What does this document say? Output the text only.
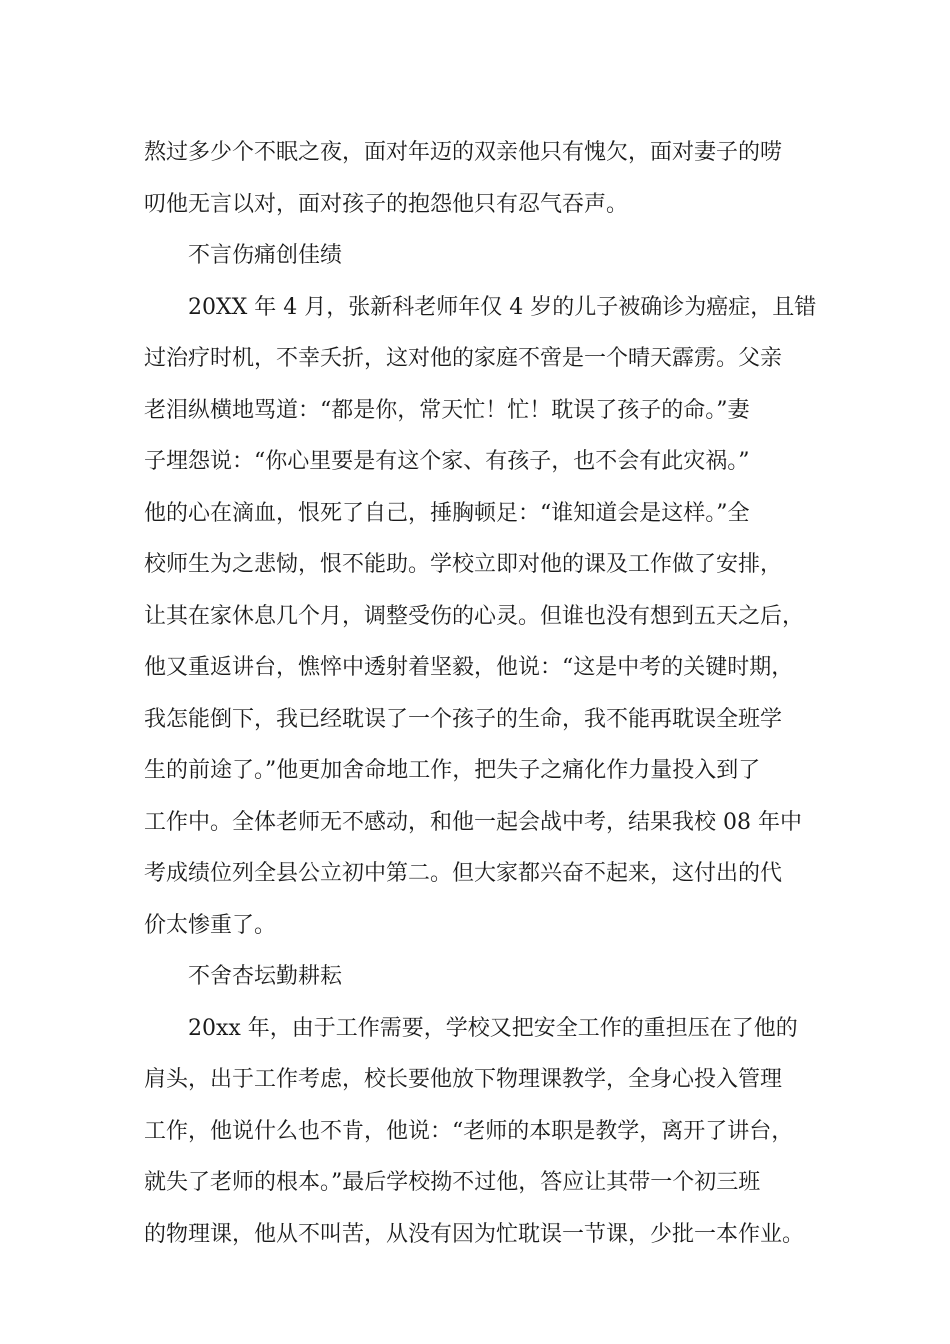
熬过多少个不眠之夜，面对年迈的双亲他只有愧欠，面对妻子的唠
叨他无言以对，面对孩子的抱怨他只有忍气吞声。
不言伤痛创佳绩
20XX 年 4 月，张新科老师年仅 4 岁的儿子被确诊为癌症，且错
过治疗时机，不幸夭折，这对他的家庭不啻是一个晴天霹雳。父亲
老泪纵横地骂道：“都是你，常天忙！忙！耽误了孩子的命。”妻
子埋怨说：“你心里要是有这个家、有孩子，也不会有此灾祸。”
他的心在滴血，恨死了自己，捶胸顿足：“谁知道会是这样。”全
校师生为之悲恸，恨不能助。学校立即对他的课及工作做了安排，
让其在家休息几个月，调整受伤的心灵。但谁也没有想到五天之后，
他又重返讲台，憔悴中透射着坚毅，他说：“这是中考的关键时期，
我怎能倒下，我已经耽误了一个孩子的生命，我不能再耽误全班学
生的前途了。”他更加舍命地工作，把失子之痛化作力量投入到了
工作中。全体老师无不感动，和他一起会战中考，结果我校 08 年中
考成绩位列全县公立初中第二。但大家都兴奋不起来，这付出的代
价太惨重了。
不舍杏坛勤耕耘
20xx 年，由于工作需要，学校又把安全工作的重担压在了他的
肩头，出于工作考虑，校长要他放下物理课教学，全身心投入管理
工作，他说什么也不肯，他说：“老师的本职是教学，离开了讲台，
就失了老师的根本。”最后学校拗不过他，答应让其带一个初三班
的物理课，他从不叫苦，从没有因为忙耽误一节课，少批一本作业。
